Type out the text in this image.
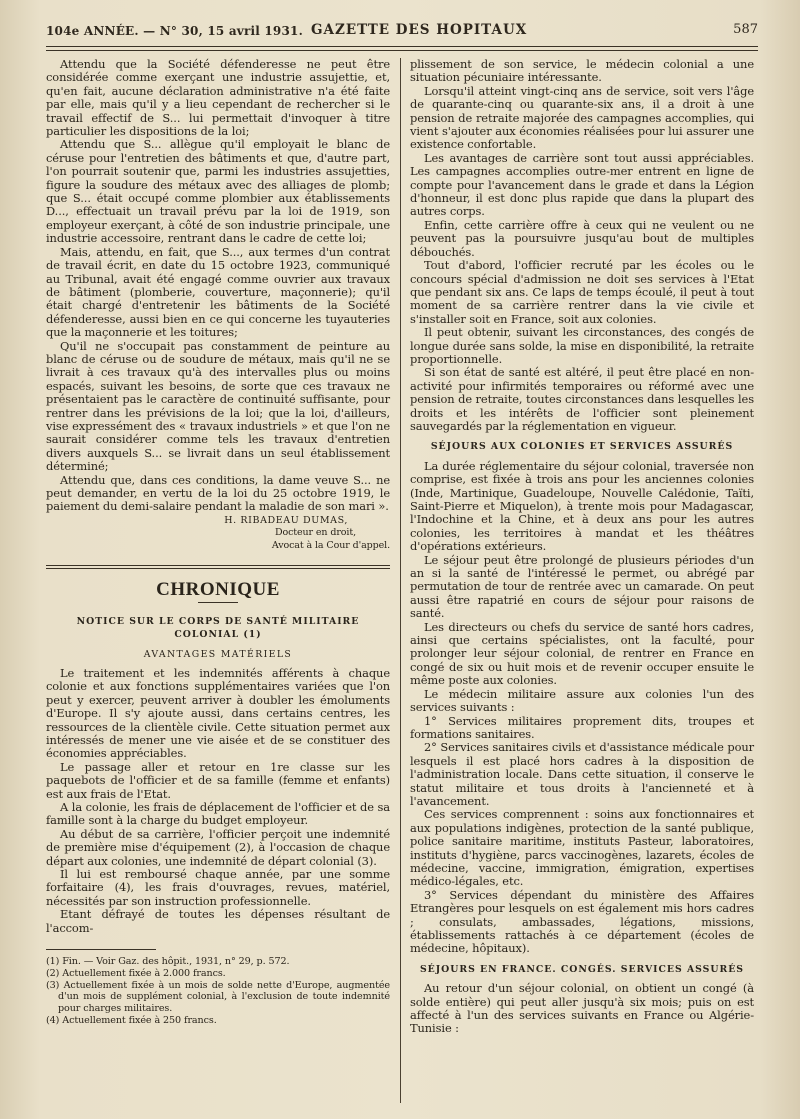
104e ANNÉE. — N° 30, 15 avril 1931. GAZETTE DES HOPITAUX	587

Attendu que la Société défenderesse ne peut être considérée comme exerçant une industrie assujettie, et, qu'en fait, aucune déclaration administrative n'a été faite par elle, mais qu'il y a lieu cependant de rechercher si le travail effectif de S... lui permettait d'invoquer à titre particulier les dispositions de la loi;

Attendu que S... allègue qu'il employait le blanc de céruse pour l'entretien des bâtiments et que, d'autre part, l'on pourrait soutenir que, parmi les industries assujetties, figure la soudure des métaux avec des alliages de plomb; que S... était occupé comme plombier aux établissements D..., effectuait un travail prévu par la loi de 1919, son employeur exerçant, à côté de son industrie principale, une industrie accessoire, rentrant dans le cadre de cette loi;

Mais, attendu, en fait, que S..., aux termes d'un contrat de travail écrit, en date du 15 octobre 1923, communiqué au Tribunal, avait été engagé comme ouvrier aux travaux de bâtiment (plomberie, couverture, maçonnerie); qu'il était chargé d'entretenir les bâtiments de la Société défenderesse, aussi bien en ce qui concerne les tuyauteries que la maçonnerie et les toitures;

Qu'il ne s'occupait pas constamment de peinture au blanc de céruse ou de soudure de métaux, mais qu'il ne se livrait à ces travaux qu'à des intervalles plus ou moins espacés, suivant les besoins, de sorte que ces travaux ne présentaient pas le caractère de continuité suffisante, pour rentrer dans les prévisions de la loi; que la loi, d'ailleurs, vise expressément des « travaux industriels » et que l'on ne saurait considérer comme tels les travaux d'entretien divers auxquels S... se livrait dans un seul établissement déterminé;

Attendu que, dans ces conditions, la dame veuve S... ne peut demander, en vertu de la loi du 25 octobre 1919, le paiement du demi-salaire pendant la maladie de son mari ».

H. RIBADEAU DUMAS,
Docteur en droit,
Avocat à la Cour d'appel.
CHRONIQUE
NOTICE SUR LE CORPS DE SANTÉ MILITAIRE COLONIAL (1)
AVANTAGES MATÉRIELS

Le traitement et les indemnités afférents à chaque colonie et aux fonctions supplémentaires variées que l'on peut y exercer, peuvent arriver à doubler les émoluments d'Europe. Il s'y ajoute aussi, dans certains centres, les ressources de la clientèle civile. Cette situation permet aux intéressés de mener une vie aisée et de se constituer des économies appréciables.

Le passage aller et retour en 1re classe sur les paquebots de l'officier et de sa famille (femme et enfants) est aux frais de l'Etat.

A la colonie, les frais de déplacement de l'officier et de sa famille sont à la charge du budget employeur.

Au début de sa carrière, l'officier perçoit une indemnité de première mise d'équipement (2), à l'occasion de chaque départ aux colonies, une indemnité de départ colonial (3).

Il lui est remboursé chaque année, par une somme forfaitaire (4), les frais d'ouvrages, revues, matériel, nécessités par son instruction professionnelle.

Etant défrayé de toutes les dépenses résultant de l'accom-

(1) Fin. — Voir Gaz. des hôpit., 1931, n° 29, p. 572.
(2) Actuellement fixée à 2.000 francs.
(3) Actuellement fixée à un mois de solde nette d'Europe, augmentée d'un mois de supplément colonial, à l'exclusion de toute indemnité pour charges militaires.
(4) Actuellement fixée à 250 francs.

plissement de son service, le médecin colonial a une situation pécuniaire intéressante.

Lorsqu'il atteint vingt-cinq ans de service, soit vers l'âge de quarante-cinq ou quarante-six ans, il a droit à une pension de retraite majorée des campagnes accomplies, qui vient s'ajouter aux économies réalisées pour lui assurer une existence confortable.

Les avantages de carrière sont tout aussi appréciables. Les campagnes accomplies outre-mer entrent en ligne de compte pour l'avancement dans le grade et dans la Légion d'honneur, il est donc plus rapide que dans la plupart des autres corps.

Enfin, cette carrière offre à ceux qui ne veulent ou ne peuvent pas la poursuivre jusqu'au bout de multiples débouchés.

Tout d'abord, l'officier recruté par les écoles ou le concours spécial d'admission ne doit ses services à l'Etat que pendant six ans. Ce laps de temps écoulé, il peut à tout moment de sa carrière rentrer dans la vie civile et s'installer soit en France, soit aux colonies.

Il peut obtenir, suivant les circonstances, des congés de longue durée sans solde, la mise en disponibilité, la retraite proportionnelle.

Si son état de santé est altéré, il peut être placé en non-activité pour infirmités temporaires ou réformé avec une pension de retraite, toutes circonstances dans lesquelles les droits et les intérêts de l'officier sont pleinement sauvegardés par la réglementation en vigueur.

SÉJOURS AUX COLONIES ET SERVICES ASSURÉS

La durée réglementaire du séjour colonial, traversée non comprise, est fixée à trois ans pour les anciennes colonies (Inde, Martinique, Guadeloupe, Nouvelle Calédonie, Taïti, Saint-Pierre et Miquelon), à trente mois pour Madagascar, l'Indochine et la Chine, et à deux ans pour les autres colonies, les territoires à mandat et les théâtres d'opérations extérieurs.

Le séjour peut être prolongé de plusieurs périodes d'un an si la santé de l'intéressé le permet, ou abrégé par permutation de tour de rentrée avec un camarade. On peut aussi être rapatrié en cours de séjour pour raisons de santé.

Les directeurs ou chefs du service de santé hors cadres, ainsi que certains spécialistes, ont la faculté, pour prolonger leur séjour colonial, de rentrer en France en congé de six ou huit mois et de revenir occuper ensuite le même poste aux colonies.

Le médecin militaire assure aux colonies l'un des services suivants :

1° Services militaires proprement dits, troupes et formations sanitaires.

2° Services sanitaires civils et d'assistance médicale pour lesquels il est placé hors cadres à la disposition de l'administration locale. Dans cette situation, il conserve le statut militaire et tous droits à l'ancienneté et à l'avancement.

Ces services comprennent : soins aux fonctionnaires et aux populations indigènes, protection de la santé publique, police sanitaire maritime, instituts Pasteur, laboratoires, instituts d'hygiène, parcs vaccinogènes, lazarets, écoles de médecine, vaccine, immigration, émigration, expertises médico-légales, etc.

3° Services dépendant du ministère des Affaires Etrangères pour lesquels on est également mis hors cadres ; consulats, ambassades, légations, missions, établissements rattachés à ce département (écoles de médecine, hôpitaux).

SÉJOURS EN FRANCE. CONGÉS. SERVICES ASSURÉS

Au retour d'un séjour colonial, on obtient un congé (à solde entière) qui peut aller jusqu'à six mois; puis on est affecté à l'un des services suivants en France ou Algérie-Tunisie :
